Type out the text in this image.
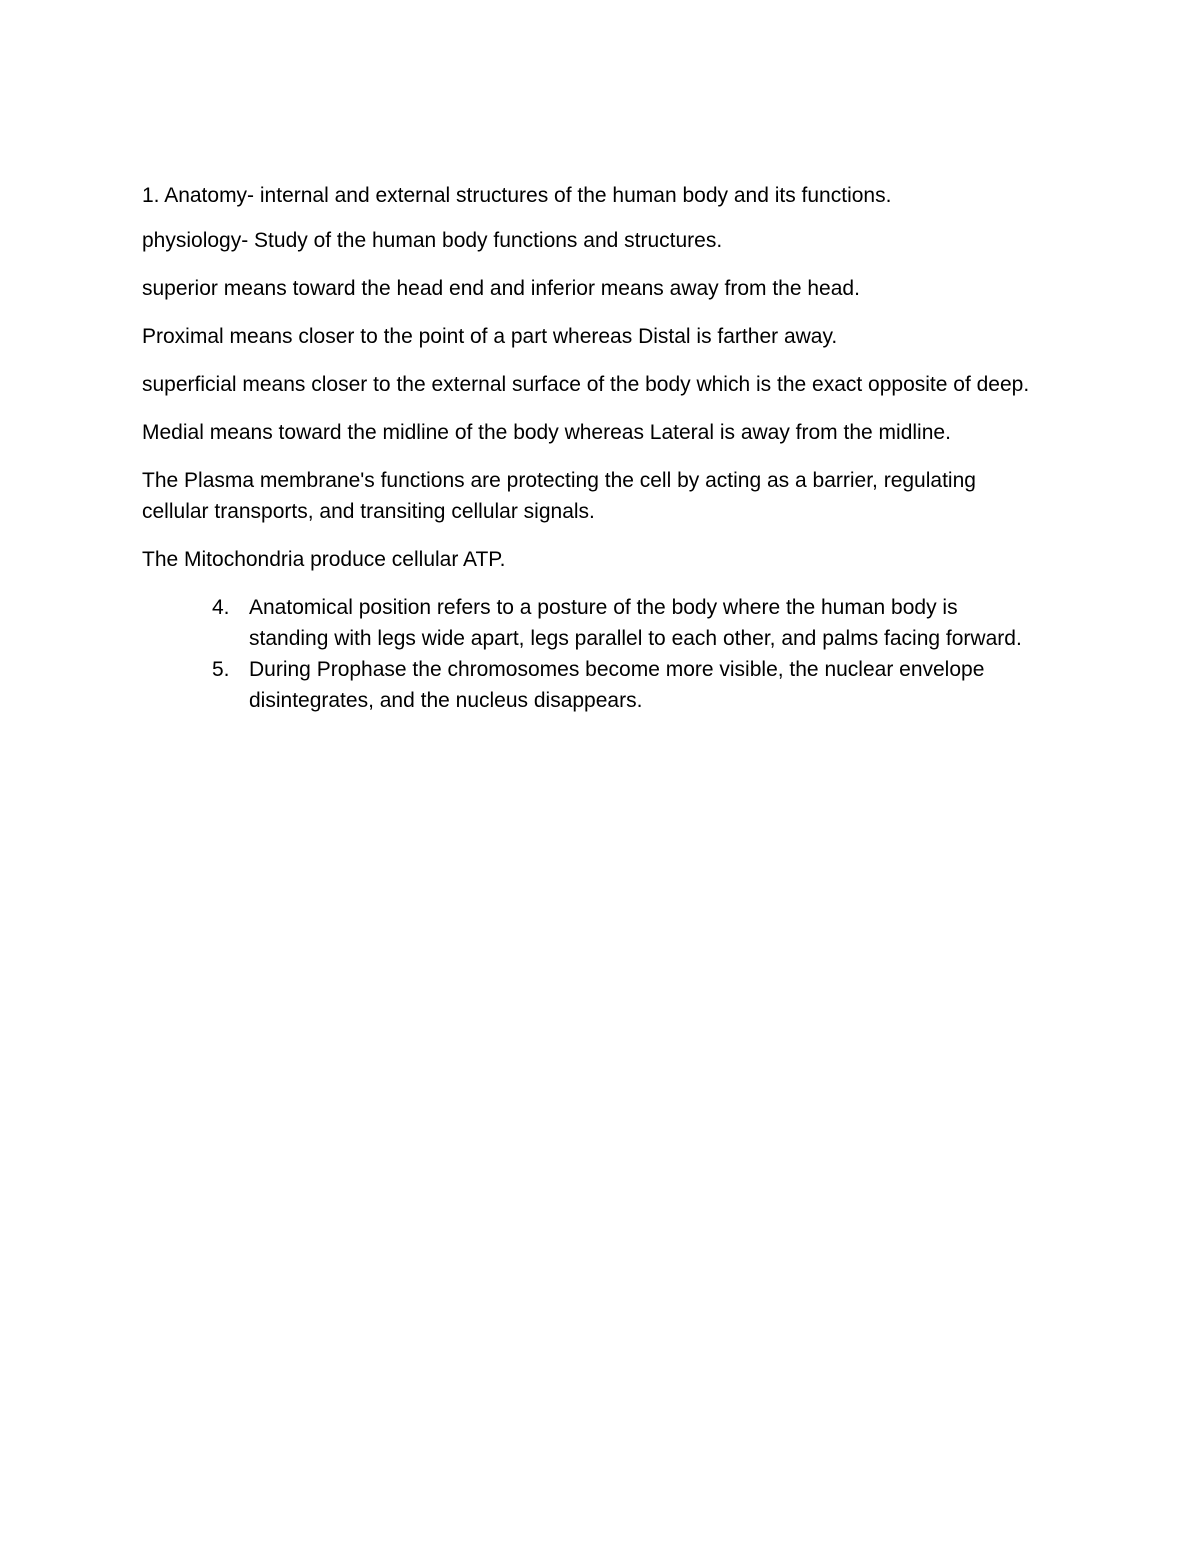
1. Anatomy- internal and external structures of the human body and its functions.

physiology- Study of the human body functions and structures.

superior means toward the head end and inferior means away from the head.

Proximal means closer to the point of a part whereas Distal is farther away.

superficial means closer to the external surface of the body which is the exact opposite of deep.

Medial means toward the midline of the body whereas Lateral is away from the midline.

The Plasma membrane's functions are protecting the cell by acting as a barrier, regulating cellular transports, and transiting cellular signals.

The Mitochondria produce cellular ATP.

4. Anatomical position refers to a posture of the body where the human body is standing with legs wide apart, legs parallel to each other, and palms facing forward.
5. During Prophase the chromosomes become more visible, the nuclear envelope disintegrates, and the nucleus disappears.
